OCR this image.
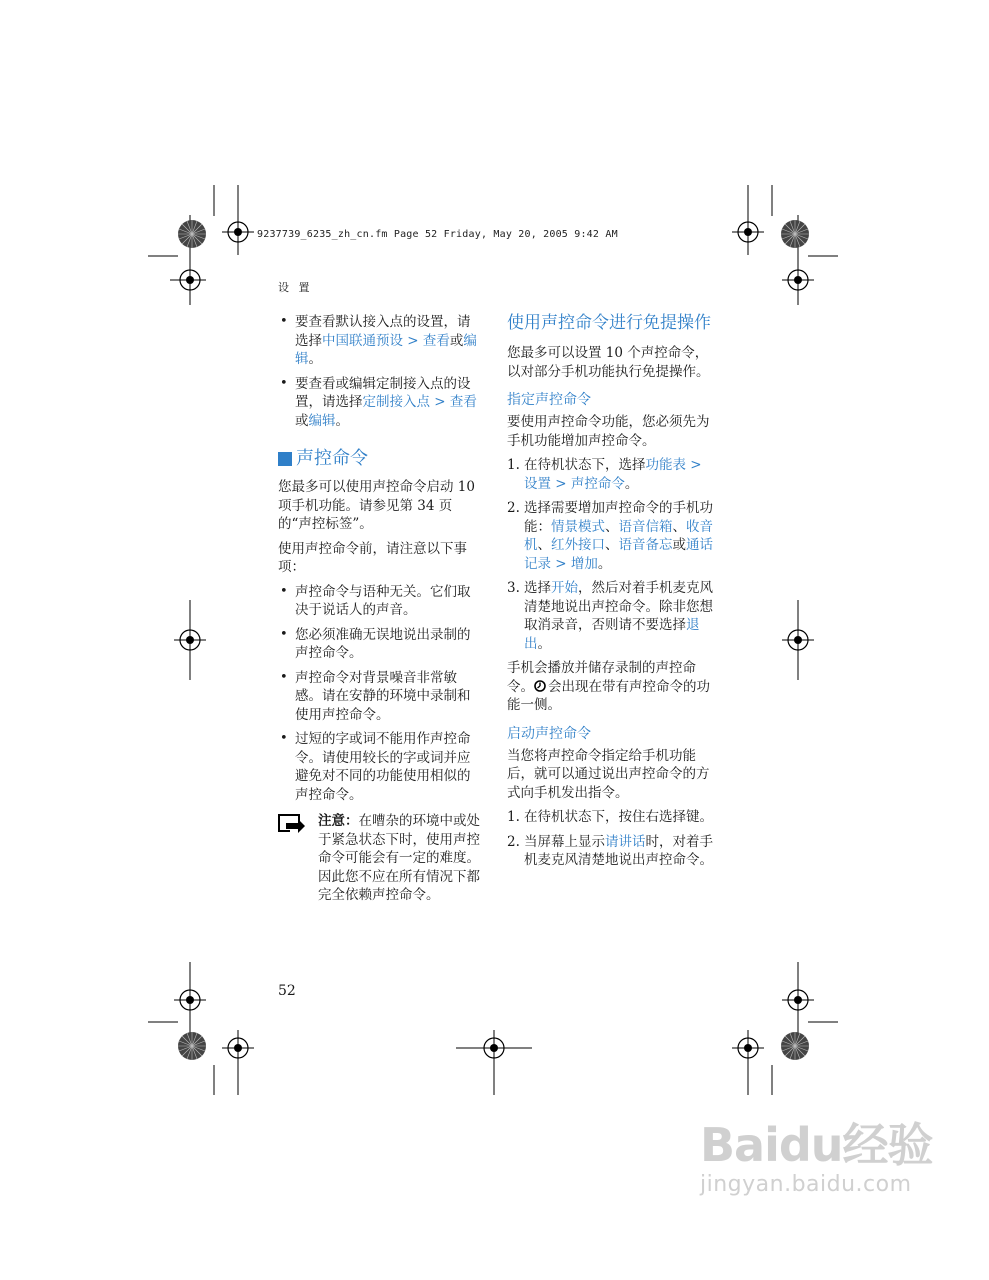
9237739_6235_zh_cn.fm Page 52 Friday, May 20, 2005 9:42 AM
设 置
• 要查看默认接入点的设置，请选择中国联通预设 > 查看或编辑。
• 要查看或编辑定制接入点的设置，请选择定制接入点 > 查看或编辑。
声控命令

您最多可以使用声控命令启动 10 项手机功能。请参见第 34 页的“声控标签”。

使用声控命令前，请注意以下事项：

• 声控命令与语种无关。它们取决于说话人的声音。
• 您必须准确无误地说出录制的声控命令。
• 声控命令对背景噪音非常敏感。请在安静的环境中录制和使用声控命令。
• 过短的字或词不能用作声控命令。请使用较长的字或词并应避免对不同的功能使用相似的声控命令。
注意：在嘈杂的环境中或处于紧急状态下时，使用声控命令可能会有一定的难度。因此您不应在所有情况下都完全依赖声控命令。
使用声控命令进行免提操作

您最多可以设置 10 个声控命令，以对部分手机功能执行免提操作。

指定声控命令

要使用声控命令功能，您必须先为手机功能增加声控命令。

1. 在待机状态下，选择功能表 > 设置 > 声控命令。
2. 选择需要增加声控命令的手机功能：情景模式、语音信箱、收音机、红外接口、语音备忘或通话记录 > 增加。
3. 选择开始，然后对着手机麦克风清楚地说出声控命令。除非您想取消录音，否则请不要选择退出。

手机会播放并储存录制的声控命令。 会出现在带有声控命令的功能一侧。

启动声控命令

当您将声控命令指定给手机功能后，就可以通过说出声控命令的方式向手机发出指令。

1. 在待机状态下，按住右选择键。
2. 当屏幕上显示请讲话时，对着手机麦克风清楚地说出声控命令。
52
Baidu经验
jingyan.baidu.com
